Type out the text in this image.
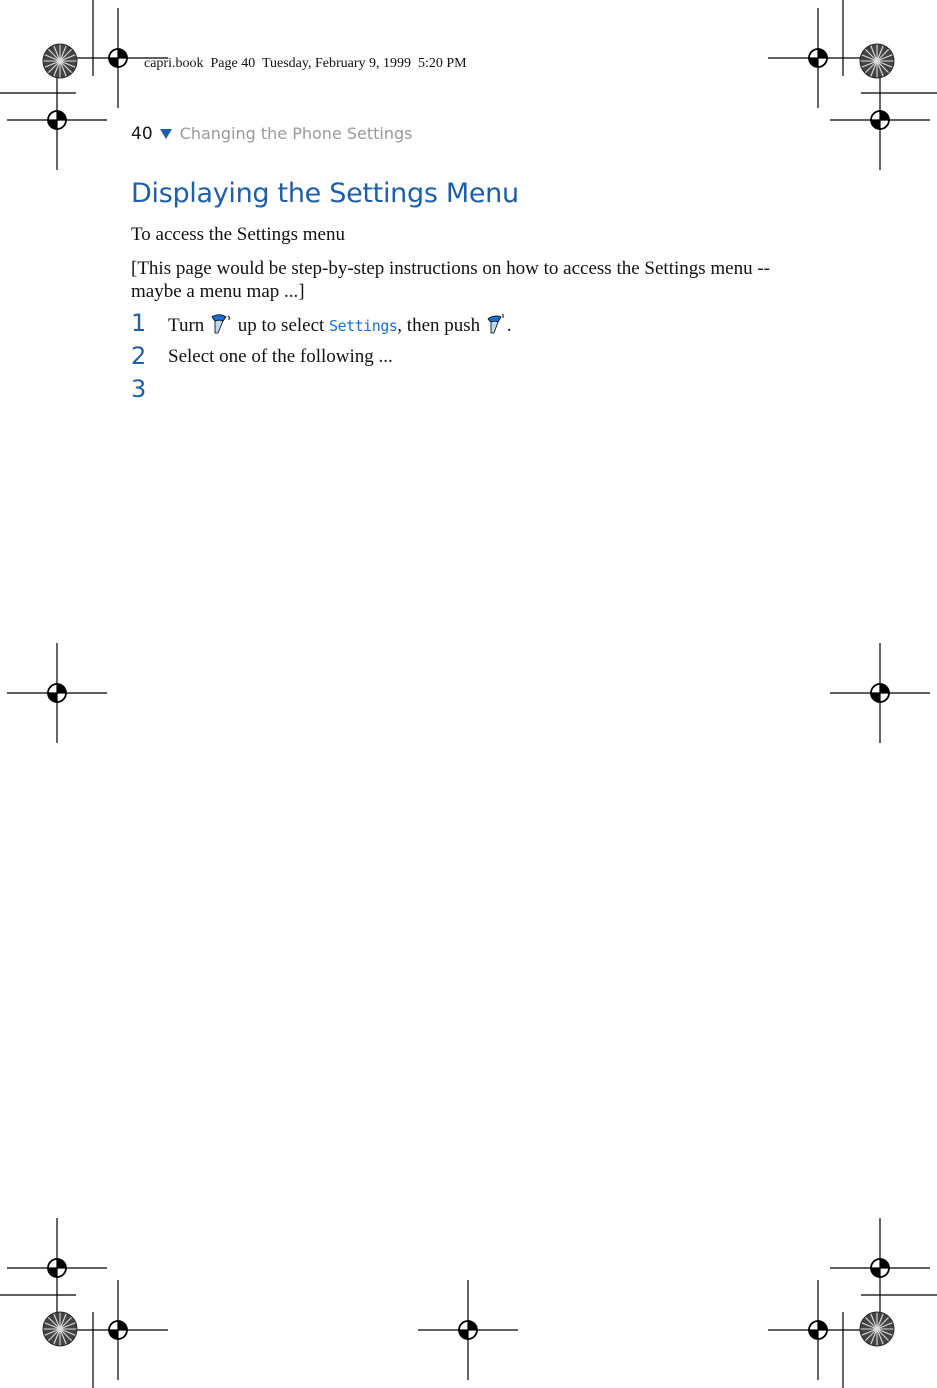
capri.book  Page 40  Tuesday, February 9, 1999  5:20 PM
40 Changing the Phone Settings
Displaying the Settings Menu

To access the Settings menu

[This page would be step-by-step instructions on how to access the Settings menu -- maybe a menu map ...]

1 Turn up to select Settings, then push .
2 Select one of the following ...
3
